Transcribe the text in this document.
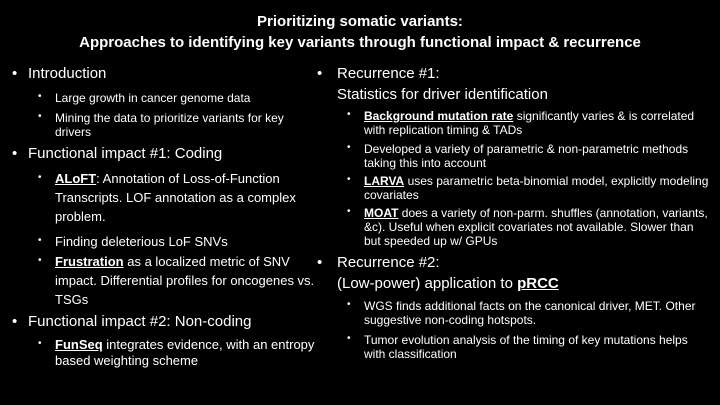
Prioritizing somatic variants:
Approaches to identifying key variants through functional impact & recurrence
• Introduction
• Large growth in cancer genome data
• Mining the data to prioritize variants for key drivers
• Functional impact #1: Coding
• ALoFT: Annotation of Loss-of-Function Transcripts. LOF annotation as a complex problem.
• Finding deleterious LoF SNVs
• Frustration as a localized metric of SNV impact. Differential profiles for oncogenes vs. TSGs
• Functional impact #2: Non-coding
• FunSeq integrates evidence, with an entropy based weighting scheme
• Recurrence #1:
Statistics for driver identification
• Background mutation rate significantly varies & is correlated with replication timing & TADs
• Developed a variety of parametric & non-parametric methods taking this into account
• LARVA uses parametric beta-binomial model, explicitly modeling covariates
• MOAT does a variety of non-parm. shuffles (annotation, variants, &c). Useful when explicit covariates not available. Slower than but speeded up w/ GPUs
• Recurrence #2:
(Low-power) application to pRCC
• WGS finds additional facts on the canonical driver, MET. Other suggestive non-coding hotspots.
• Tumor evolution analysis of the timing of key mutations helps with classification
